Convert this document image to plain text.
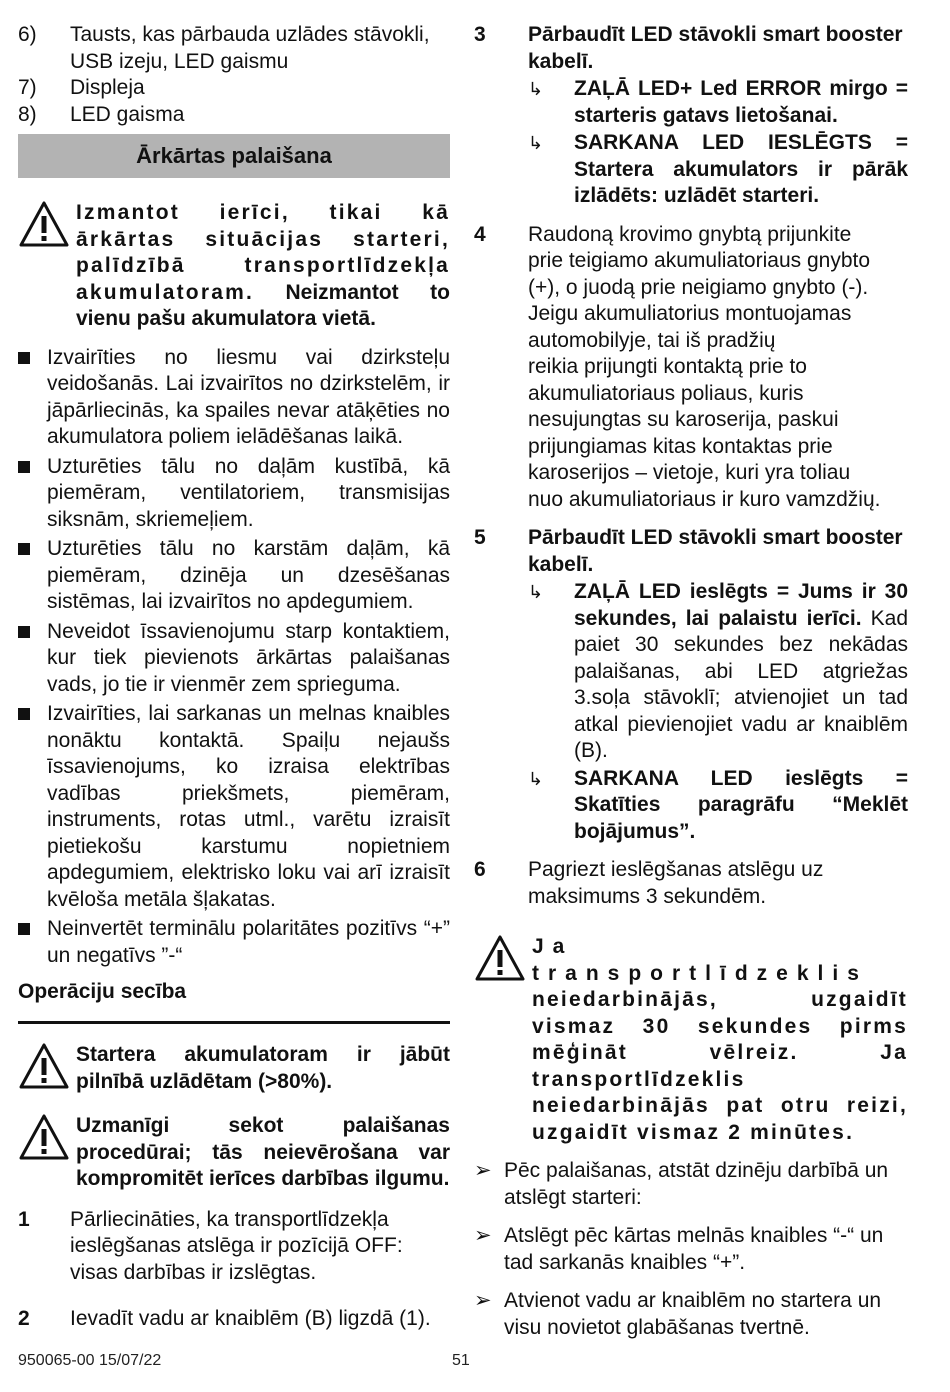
6)	Tausts, kas pārbauda uzlādes stāvokli, USB izeju, LED gaismu
7)	Displeja
8)	LED gaisma
Ārkārtas palaišana
Izmantot ierīci, tikai kā ārkārtas situācijas starteri, palīdzībā transportlīdzekļa akumulatoram. Neizmantot to vienu pašu akumulatora vietā.
Izvairīties no liesmu vai dzirksteļu veidošanās. Lai izvairītos no dzirkstelēm, ir jāpārliecinās, ka spailes nevar atāķēties no akumulatora poliem ielādēšanas laikā.
Uzturēties tālu no daļām kustībā, kā piemēram, ventilatoriem, transmisijas siksnām, skriemeļiem.
Uzturēties tālu no karstām daļām, kā piemēram, dzinēja un dzesēšanas sistēmas, lai izvairītos no apdegumiem.
Neveidot īssavienojumu starp kontaktiem, kur tiek pievienots ārkārtas palaišanas vads, jo tie ir vienmēr zem sprieguma.
Izvairīties, lai sarkanas un melnas knaibles nonāktu kontaktā. Spaiļu nejaušs īssavienojums, ko izraisa elektrības vadības priekšmets, piemēram, instruments, rotas utml., varētu izraisīt pietiekošu karstumu nopietniem apdegumiem, elektrisko loku vai arī izraisīt kvēloša metāla šļakatas.
Neinvertēt terminālu polaritātes pozitīvs “+” un negatīvs ”-“
Operāciju secība
Startera akumulatoram ir jābūt pilnībā uzlādētam (>80%).
Uzmanīgi sekot palaišanas procedūrai; tās neievērošana var kompromitēt ierīces darbības ilgumu.
1	Pārliecināties, ka transportlīdzekļa ieslēgšanas atslēga ir pozīcijā OFF: visas darbības ir izslēgtas.
2	Ievadīt vadu ar knaiblēm (B) ligzdā (1).
3	Pārbaudīt LED stāvokli smart booster kabelī.
↳	ZAĻĀ LED+ Led ERROR mirgo = starteris gatavs lietošanai.
↳	SARKANA LED IESLĒGTS = Startera akumulators ir pārāk izlādēts: uzlādēt starteri.
4	Raudoną krovimo gnybtą prijunkite
prie teigiamo akumuliatoriaus gnybto
(+), o juodą prie neigiamo gnybto (-).
Jeigu akumuliatorius montuojamas
automobilyje, tai iš pradžių
reikia prijungti kontaktą prie to
akumuliatoriaus poliaus, kuris
nesujungtas su karoserija, paskui
prijungiamas kitas kontaktas prie
karoserijos – vietoje, kuri yra toliau
nuo akumuliatoriaus ir kuro vamzdžių.
5	Pārbaudīt LED stāvokli smart booster kabelī.
↳	ZAĻĀ LED ieslēgts = Jums ir 30 sekundes, lai palaistu ierīci. Kad paiet 30 sekundes bez nekādas palaišanas, abi LED atgriežas 3.soļa stāvoklī; atvienojiet un tad atkal pievienojiet vadu ar knaiblēm (B).
↳	SARKANA LED ieslēgts = Skatīties paragrāfu “Meklēt bojājumus”.
6	Pagriezt ieslēgšanas atslēgu uz maksimums 3 sekundēm.
Ja transportlīdzeklis
neiedarbinājās, uzgaidīt vismaz 30 sekundes pirms mēģināt vēlreiz. Ja transportlīdzeklis neiedarbinājās pat otru reizi, uzgaidīt vismaz 2 minūtes.
➢ Pēc palaišanas, atstāt dzinēju darbībā un atslēgt starteri:
➢ Atslēgt pēc kārtas melnās knaibles “-“ un tad sarkanās knaibles “+”.
➢ Atvienot vadu ar knaiblēm no startera un visu novietot glabāšanas tvertnē.
950065-00 15/07/22	51
